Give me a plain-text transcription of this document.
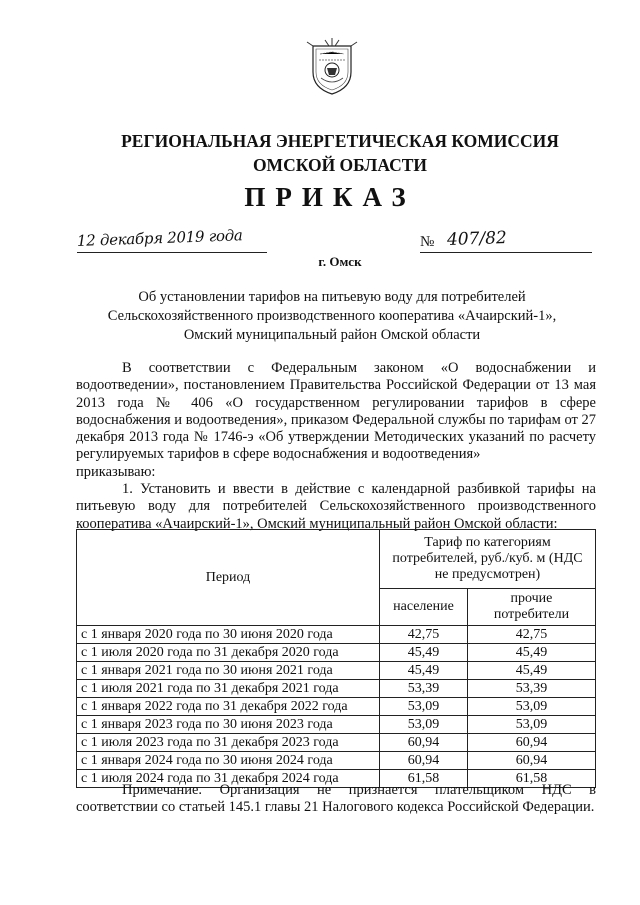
РЕГИОНАЛЬНАЯ ЭНЕРГЕТИЧЕСКАЯ КОМИССИЯ
ОМСКОЙ ОБЛАСТИ
ПРИКАЗ
12 декабря 2019 года	№ 407/82
г. Омск
Об установлении тарифов на питьевую воду для потребителей
Сельскохозяйственного производственного кооператива «Ачаирский-1»,
Омский муниципальный район Омской области

В соответствии с Федеральным законом «О водоснабжении и водоотведении», постановлением Правительства Российской Федерации от 13 мая 2013 года № 406 «О государственном регулировании тарифов в сфере водоснабжения и водоотведения», приказом Федеральной службы по тарифам от 27 декабря 2013 года № 1746-э «Об утверждении Методических указаний по расчету регулируемых тарифов в сфере водоснабжения и водоотведения»

приказываю:

1. Установить и ввести в действие с календарной разбивкой тарифы на питьевую воду для потребителей Сельскохозяйственного производственного кооператива «Ачаирский-1», Омский муниципальный район Омской области:

Период	Тариф по категориям потребителей, руб./куб. м (НДС не предусмотрен)	
	население	прочие потребители
с 1 января 2020 года по 30 июня 2020 года	42,75	42,75
с 1 июля 2020 года по 31 декабря 2020 года	45,49	45,49
с 1 января 2021 года по 30 июня 2021 года	45,49	45,49
с 1 июля 2021 года по 31 декабря 2021 года	53,39	53,39
с 1 января 2022 года по 31 декабря 2022 года	53,09	53,09
с 1 января 2023 года по 30 июня 2023 года	53,09	53,09
с 1 июля 2023 года по 31 декабря 2023 года	60,94	60,94
с 1 января 2024 года по 30 июня 2024 года	60,94	60,94
с 1 июля 2024 года по 31 декабря 2024 года	61,58	61,58
Примечание. Организация не признается плательщиком НДС в соответствии со статьей 145.1 главы 21 Налогового кодекса Российской Федерации.
